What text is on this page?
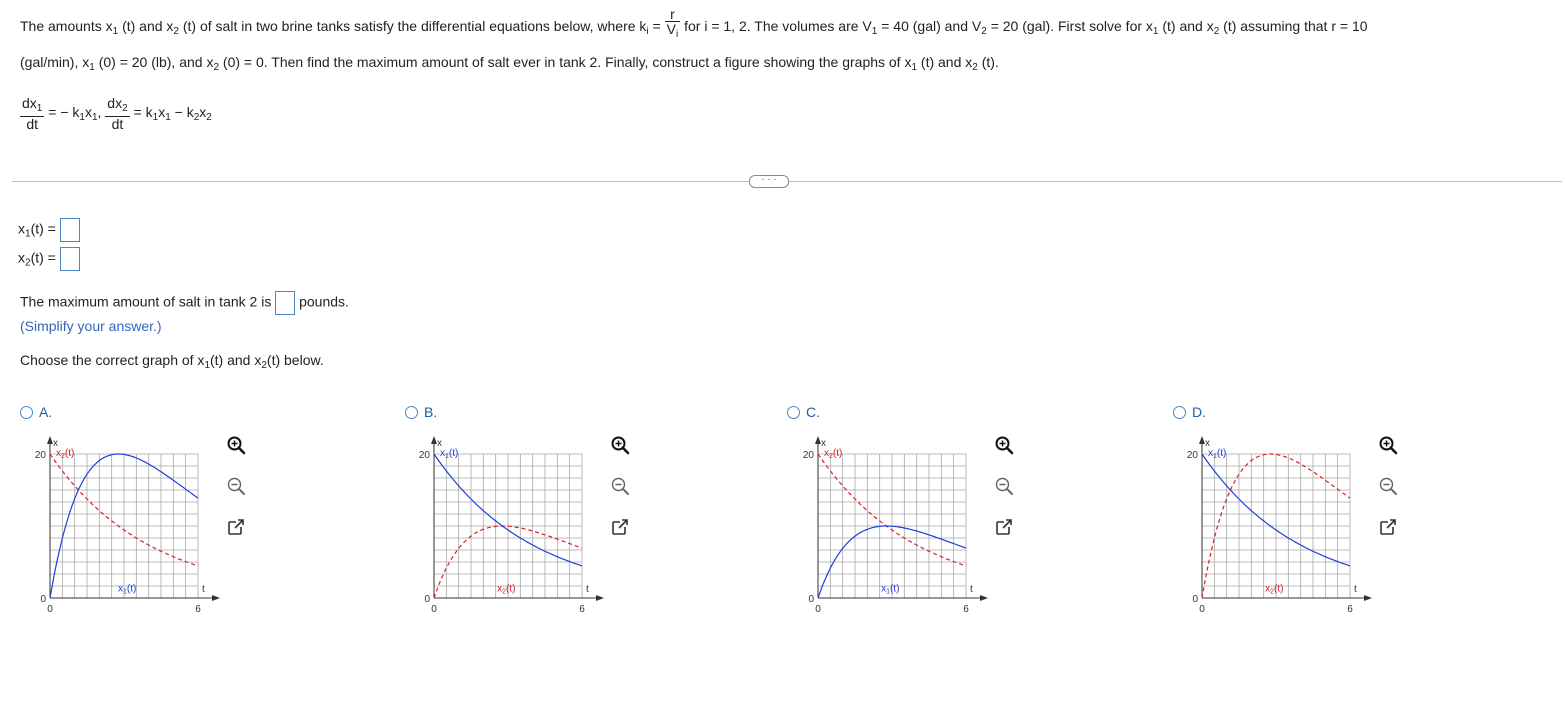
The amounts $x_1$ (t) and $x_2$ (t) of salt in two brine tanks satisfy the differential equations below, where $k_i = \frac{r}{V_i}$ for i = 1, 2. The volumes are $V_1 = 40$ (gal) and $V_2 = 20$ (gal). First solve for $x_1$ (t) and $x_2$ (t) assuming that r = 10
(gal/min), $x_1$ (0) = 20 (lb), and $x_2$ (0) = 0. Then find the maximum amount of salt ever in tank 2. Finally, construct a figure showing the graphs of $x_1$ (t) and $x_2$ (t).
$\frac{dx_1}{dt}$ = − $k_1x_1$, $\frac{dx_2}{dt} = k_1x_1 - k_2x_2$
· · ·
$x_1(t)$ =
$x_2(t)$ =
The maximum amount of salt in tank 2 is pounds.
(Simplify your answer.)
Choose the correct graph of $x_1(t)$ and $x_2(t)$ below.
A.	B.	C.	D.
x
t
20
0
0	6
$x_2(t)$
$x_1(t)$
x
t
20
0
0	6
$x_1(t)$
$x_2(t)$
x
t
20
0
0	6
$x_2(t)$
$x_1(t)$
x
t
20
0
0	6
$x_1(t)$
$x_2(t)$
